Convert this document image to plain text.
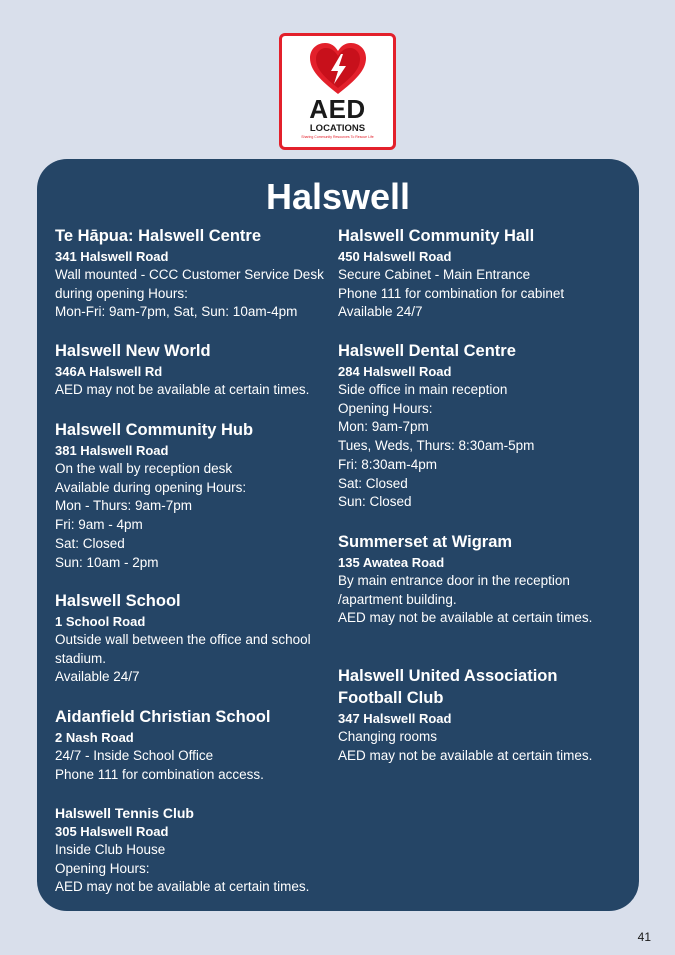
AED
LOCATIONS
Sharing Community Resources To Rescue Life
Halswell
Te Hāpua: Halswell Centre
341 Halswell Road
Wall mounted - CCC Customer Service Desk
during opening Hours:
Mon-Fri: 9am-7pm, Sat, Sun: 10am-4pm
Halswell New World
346A Halswell Rd
AED may not be available at certain times.
Halswell Community Hub
381 Halswell Road
On the wall by reception desk
Available during opening Hours:
Mon - Thurs: 9am-7pm
Fri: 9am - 4pm
Sat: Closed
Sun: 10am - 2pm
Halswell School
1 School Road
Outside wall between the office and school
stadium.
Available 24/7
Aidanfield Christian School
2 Nash Road
24/7 - Inside School Office
Phone 111 for combination access.
Halswell Tennis Club
305 Halswell Road
Inside Club House
Opening Hours:
AED may not be available at certain times.
Halswell Community Hall
450 Halswell Road
Secure Cabinet - Main Entrance
Phone 111 for combination for cabinet
Available 24/7
Halswell Dental Centre
284 Halswell Road
Side office in main reception
Opening Hours:
Mon: 9am-7pm
Tues, Weds, Thurs: 8:30am-5pm
Fri: 8:30am-4pm
Sat: Closed
Sun: Closed
Summerset at Wigram
135 Awatea Road
By main entrance door in the reception
/apartment building.
AED may not be available at certain times.
Halswell United Association
Football Club
347 Halswell Road
Changing rooms
AED may not be available at certain times.
41
